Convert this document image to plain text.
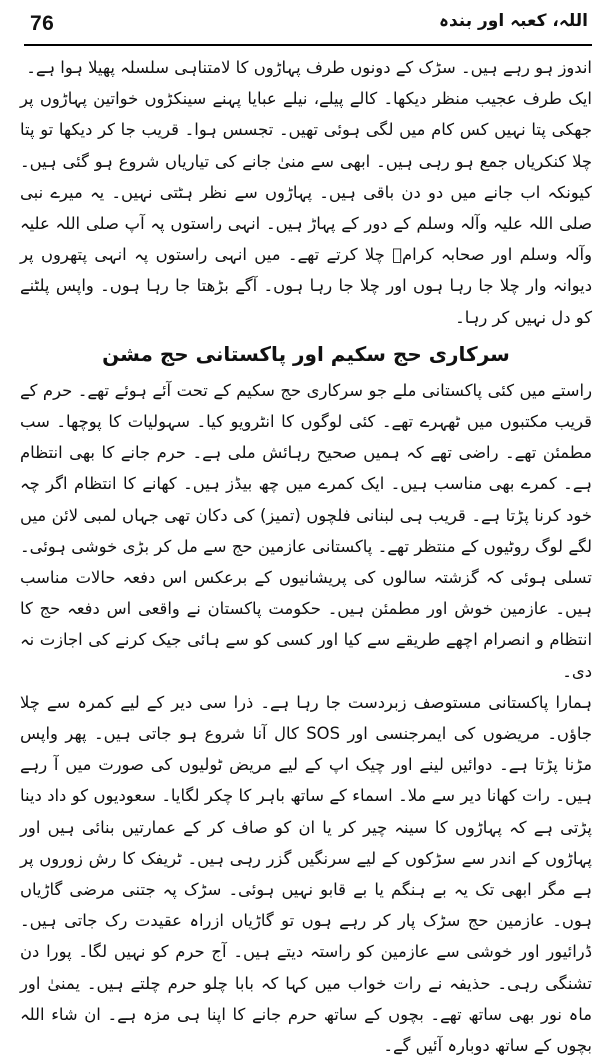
76	اللہ، کعبہ اور بندہ

اندوز ہو رہے ہیں۔ سڑک کے دونوں طرف پہاڑوں کا لامتناہی سلسلہ پھیلا ہوا ہے۔

ایک طرف عجیب منظر دیکھا۔ کالے پیلے، نیلے عبایا پہنے سینکڑوں خواتین پہاڑوں پر جھکی پتا نہیں کس کام میں لگی ہوئی تھیں۔ تجسس ہوا۔ قریب جا کر دیکھا تو پتا چلا کنکریاں جمع ہو رہی ہیں۔ ابھی سے منیٰ جانے کی تیاریاں شروع ہو گئی ہیں۔ کیونکہ اب جانے میں دو دن باقی ہیں۔ پہاڑوں سے نظر ہٹتی نہیں۔ یہ میرے نبی صلی اللہ علیہ وآلہ وسلم کے دور کے پہاڑ ہیں۔ انہی راستوں پہ آپ صلی اللہ علیہ وآلہ وسلم اور صحابہ کرامؓ چلا کرتے تھے۔ میں انہی راستوں پہ انہی پتھروں پر دیوانہ وار چلا جا رہا ہوں اور چلا جا رہا ہوں۔ آگے بڑھتا جا رہا ہوں۔ واپس پلٹنے کو دل نہیں کر رہا۔

سرکاری حج سکیم اور پاکستانی حج مشن

راستے میں کئی پاکستانی ملے جو سرکاری حج سکیم کے تحت آئے ہوئے تھے۔ حرم کے قریب مکتبوں میں ٹھہرے تھے۔ کئی لوگوں کا انٹرویو کیا۔ سہولیات کا پوچھا۔ سب مطمئن تھے۔ راضی تھے کہ ہمیں صحیح رہائش ملی ہے۔ حرم جانے کا بھی انتظام ہے۔ کمرے بھی مناسب ہیں۔ ایک کمرے میں چھ بیڈز ہیں۔ کھانے کا انتظام اگر چہ خود کرنا پڑتا ہے۔ قریب ہی لبنانی فلچوں (تمیز) کی دکان تھی جہاں لمبی لائن میں لگے لوگ روٹیوں کے منتظر تھے۔ پاکستانی عازمین حج سے مل کر بڑی خوشی ہوئی۔ تسلی ہوئی کہ گزشتہ سالوں کی پریشانیوں کے برعکس اس دفعہ حالات مناسب ہیں۔ عازمین خوش اور مطمئن ہیں۔ حکومت پاکستان نے واقعی اس دفعہ حج کا انتظام و انصرام اچھے طریقے سے کیا اور کسی کو سے ہائی جیک کرنے کی اجازت نہ دی۔

ہمارا پاکستانی مستوصف زبردست جا رہا ہے۔ ذرا سی دیر کے لیے کمرہ سے چلا جاؤں۔ مریضوں کی ایمرجنسی اور SOS کال آنا شروع ہو جاتی ہیں۔ پھر واپس مڑنا پڑتا ہے۔ دوائیں لینے اور چیک اپ کے لیے مریض ٹولیوں کی صورت میں آ رہے ہیں۔ رات کھانا دیر سے ملا۔ اسماء کے ساتھ باہر کا چکر لگایا۔ سعودیوں کو داد دینا پڑتی ہے کہ پہاڑوں کا سینہ چیر کر یا ان کو صاف کر کے عمارتیں بنائی ہیں اور پہاڑوں کے اندر سے سڑکوں کے لیے سرنگیں گزر رہی ہیں۔ ٹریفک کا رش زوروں پر ہے مگر ابھی تک یہ بے ہنگم یا بے قابو نہیں ہوئی۔ سڑک پہ جتنی مرضی گاڑیاں ہوں۔ عازمین حج سڑک پار کر رہے ہوں تو گاڑیاں ازراہ عقیدت رک جاتی ہیں۔ ڈرائیور اور خوشی سے عازمین کو راستہ دیتے ہیں۔ آج حرم کو نہیں لگا۔ پورا دن تشنگی رہی۔ حذیفہ نے رات خواب میں کہا کہ بابا چلو حرم چلتے ہیں۔ یمنیٰ اور ماہ نور بھی ساتھ تھے۔ بچوں کے ساتھ حرم جانے کا اپنا ہی مزہ ہے۔ ان شاء اللہ بچوں کے ساتھ دوبارہ آئیں گے۔
